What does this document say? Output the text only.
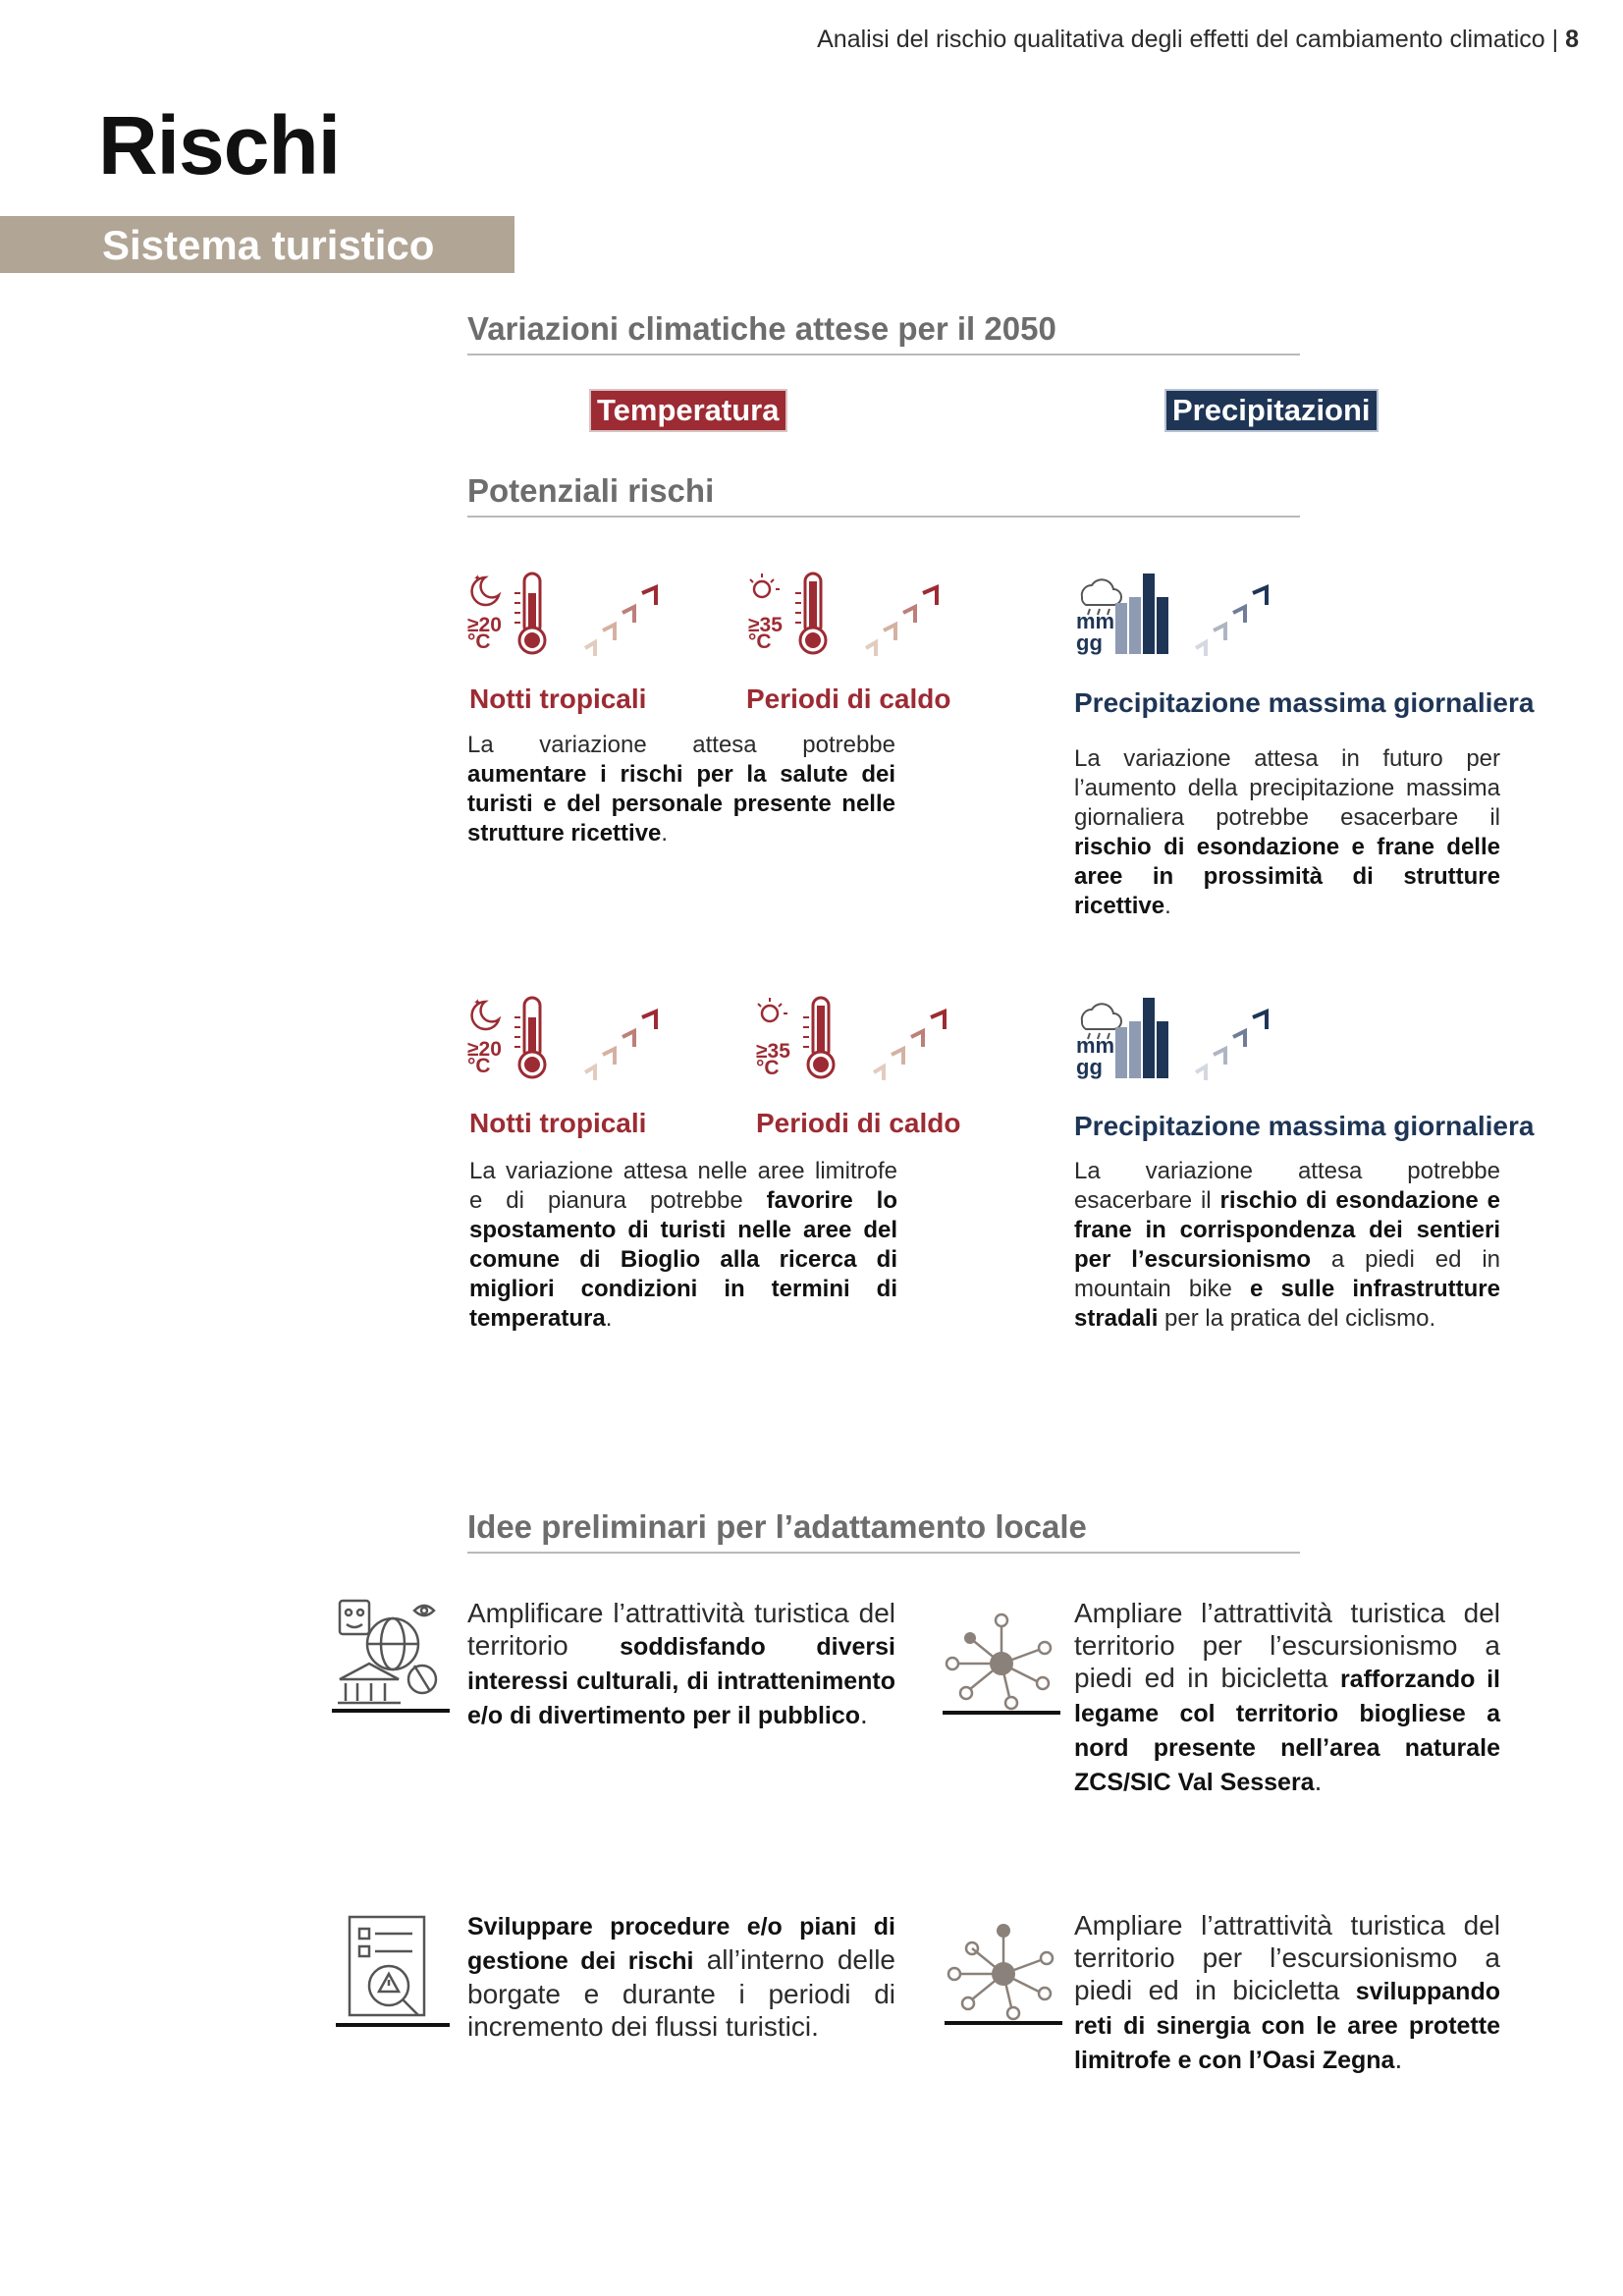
Analisi del rischio qualitativa degli effetti del cambiamento climatico | 8
Rischi
Sistema turistico
Variazioni climatiche attese per il 2050
Temperatura	Precipitazioni
Potenziali rischi
✦
≥20
°C
≥35
°C
mm
gg
Notti tropicali	Periodi di caldo
La variazione attesa potrebbe aumentare i rischi per la salute dei turisti e del personale presente nelle strutture ricettive.
Precipitazione massima giornaliera
La variazione attesa in futuro per l’aumento della precipitazione massima giornaliera potrebbe esacerbare il rischio di esondazione e frane delle aree in prossimità di strutture ricettive.
✦
≥20
°C
≥35
°C
mm
gg
Notti tropicali	Periodi di caldo
La variazione attesa nelle aree limitrofe e di pianura potrebbe favorire lo spostamento di turisti nelle aree del comune di Bioglio alla ricerca di migliori condizioni in termini di temperatura.
Precipitazione massima giornaliera
La variazione attesa potrebbe esacerbare il rischio di esondazione e frane in corrispondenza dei sentieri per l’escursionismo a piedi ed in mountain bike e sulle infrastrutture stradali per la pratica del ciclismo.
Idee preliminari per l’adattamento locale
Amplificare l’attrattività turistica del territorio soddisfando diversi interessi culturali, di intrattenimento e/o di divertimento per il pubblico.
Ampliare l’attrattività turistica del territorio per l’escursionismo a piedi ed in bicicletta rafforzando il legame col territorio biogliese a nord presente nell’area naturale ZCS/SIC Val Sessera.
Sviluppare procedure e/o piani di gestione dei rischi all’interno delle borgate e durante i periodi di incremento dei flussi turistici.
Ampliare l’attrattività turistica del territorio per l’escursionismo a piedi ed in bicicletta sviluppando reti di sinergia con le aree protette limitrofe e con l’Oasi Zegna.
